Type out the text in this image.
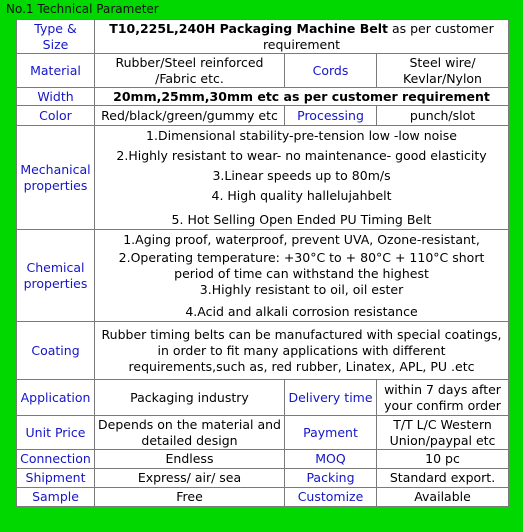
No.1 Technical Parameter
Type & Size	T10,225L,240H Packaging Machine Belt as per customer requirement		
Material	Rubber/Steel reinforced /Fabric etc.	Cords	Steel wire/ Kevlar/Nylon
Width	20mm,25mm,30mm etc as per customer requirement		
Color	Red/black/green/gummy etc	Processing	punch/slot
Mechanical properties	1.Dimensional stability-pre-tension low -low noise
2.Highly resistant to wear- no maintenance- good elasticity
3.Linear speeds up to 80m/s
4. High quality hallelujahbelt
5. Hot Selling Open Ended PU Timing Belt		

Chemical properties	1.Aging proof, waterproof, prevent UVA, Ozone-resistant,
2.Operating temperature: +30°C to + 80°C + 110°C short period of time can withstand the highest
3.Highly resistant to oil, oil ester
4.Acid and alkali corrosion resistance		

Coating	Rubber timing belts can be manufactured with special coatings, in order to fit many applications with different requirements,such as, red rubber, Linatex, APL, PU .etc		
Application	Packaging industry	Delivery time	within 7 days after your confirm order
Unit Price	Depends on the material and detailed design	Payment	T/T L/C Western Union/paypal etc
Connection	Endless	MOQ	10 pc
Shipment	Express/ air/ sea	Packing	Standard export.
Sample	Free	Customize	Available
